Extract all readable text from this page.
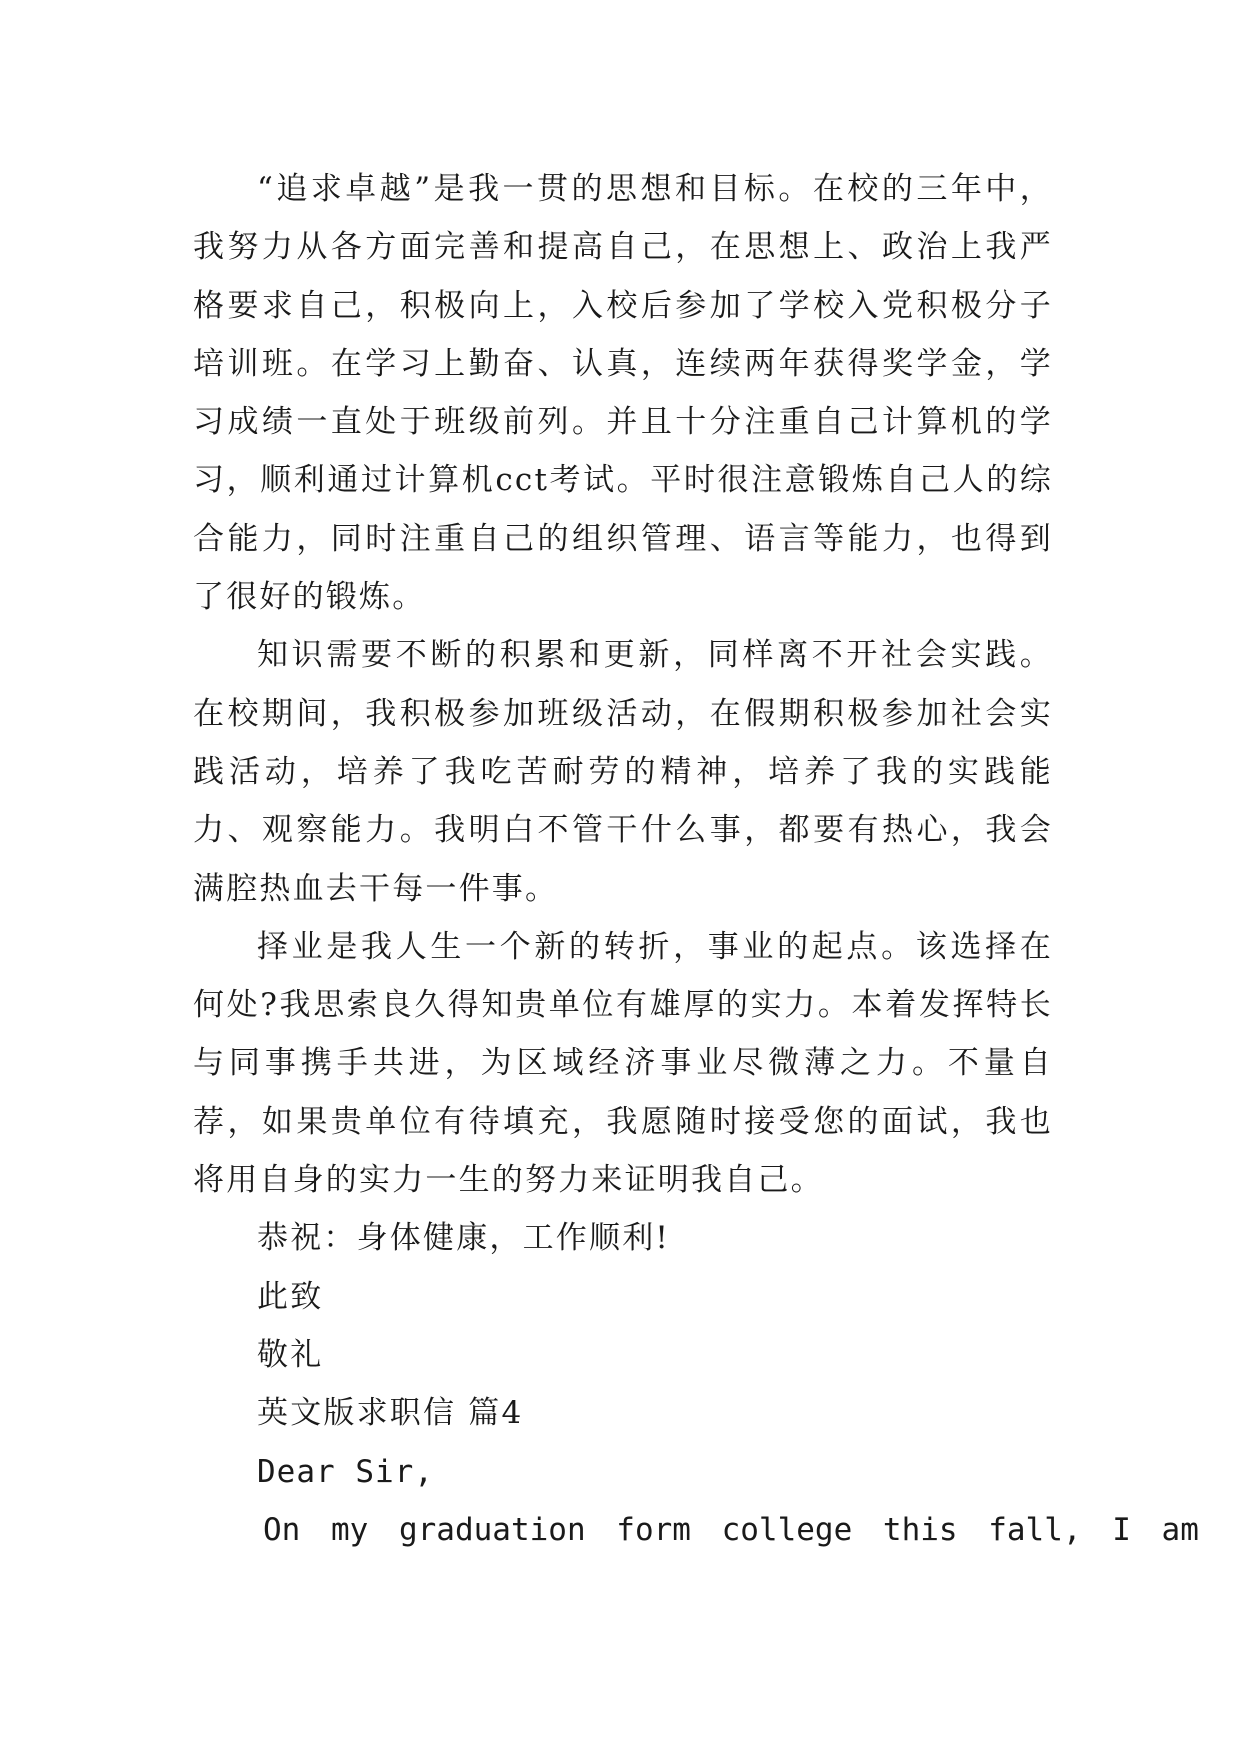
“追求卓越”是我一贯的思想和目标。在校的三年中，我努力从各方面完善和提高自己，在思想上、政治上我严格要求自己，积极向上，入校后参加了学校入党积极分子培训班。在学习上勤奋、认真，连续两年获得奖学金，学习成绩一直处于班级前列。并且十分注重自己计算机的学习，顺利通过计算机cct考试。平时很注意锻炼自己人的综合能力，同时注重自己的组织管理、语言等能力，也得到了很好的锻炼。

知识需要不断的积累和更新，同样离不开社会实践。在校期间，我积极参加班级活动，在假期积极参加社会实践活动，培养了我吃苦耐劳的精神，培养了我的实践能力、观察能力。我明白不管干什么事，都要有热心，我会满腔热血去干每一件事。

择业是我人生一个新的转折，事业的起点。该选择在何处?我思索良久得知贵单位有雄厚的实力。本着发挥特长与同事携手共进，为区域经济事业尽微薄之力。不量自荐，如果贵单位有待填充，我愿随时接受您的面试，我也将用自身的实力一生的努力来证明我自己。

恭祝：身体健康，工作顺利!

此致

敬礼

英文版求职信 篇4

Dear Sir,

On my graduation form college this fall, I am
